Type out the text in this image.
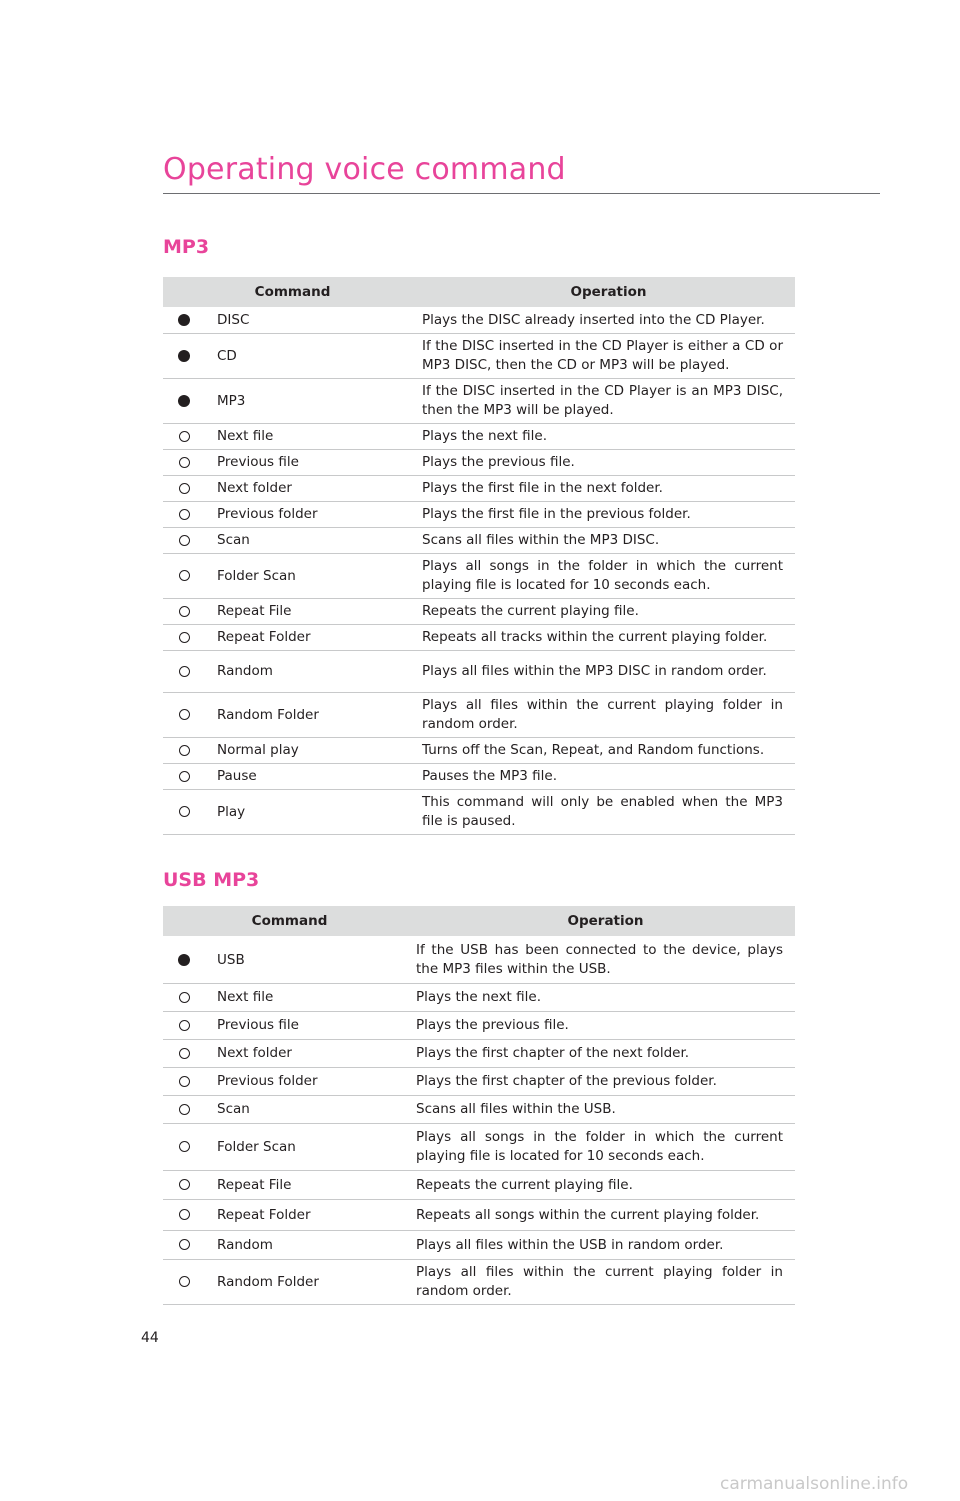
Operating voice command
MP3
Command		Operation
	DISC	Plays the DISC already inserted into the CD Player.
	CD	If the DISC inserted in the CD Player is either a CD or MP3 DISC, then the CD or MP3 will be played.
	MP3	If the DISC inserted in the CD Player is an MP3 DISC, then the MP3 will be played.
	Next file	Plays the next file.
	Previous file	Plays the previous file.
	Next folder	Plays the first file in the next folder.
	Previous folder	Plays the first file in the previous folder.
	Scan	Scans all files within the MP3 DISC.
	Folder Scan	Plays all songs in the folder in which the current playing file is located for 10 seconds each.
	Repeat File	Repeats the current playing file.
	Repeat Folder	Repeats all tracks within the current playing folder.
	Random	Plays all files within the MP3 DISC in random order.
	Random Folder	Plays all files within the current playing folder in random order.
	Normal play	Turns off the Scan, Repeat, and Random functions.
	Pause	Pauses the MP3 file.
	Play	This command will only be enabled when the MP3 file is paused.
USB MP3
Command		Operation
	USB	If the USB has been connected to the device, plays the MP3 files within the USB.
	Next file	Plays the next file.
	Previous file	Plays the previous file.
	Next folder	Plays the first chapter of the next folder.
	Previous folder	Plays the first chapter of the previous folder.
	Scan	Scans all files within the USB.
	Folder Scan	Plays all songs in the folder in which the current playing file is located for 10 seconds each.
	Repeat File	Repeats the current playing file.
	Repeat Folder	Repeats all songs within the current playing folder.
	Random	Plays all files within the USB in random order.
	Random Folder	Plays all files within the current playing folder in random order.
44
carmanualsonline.info
